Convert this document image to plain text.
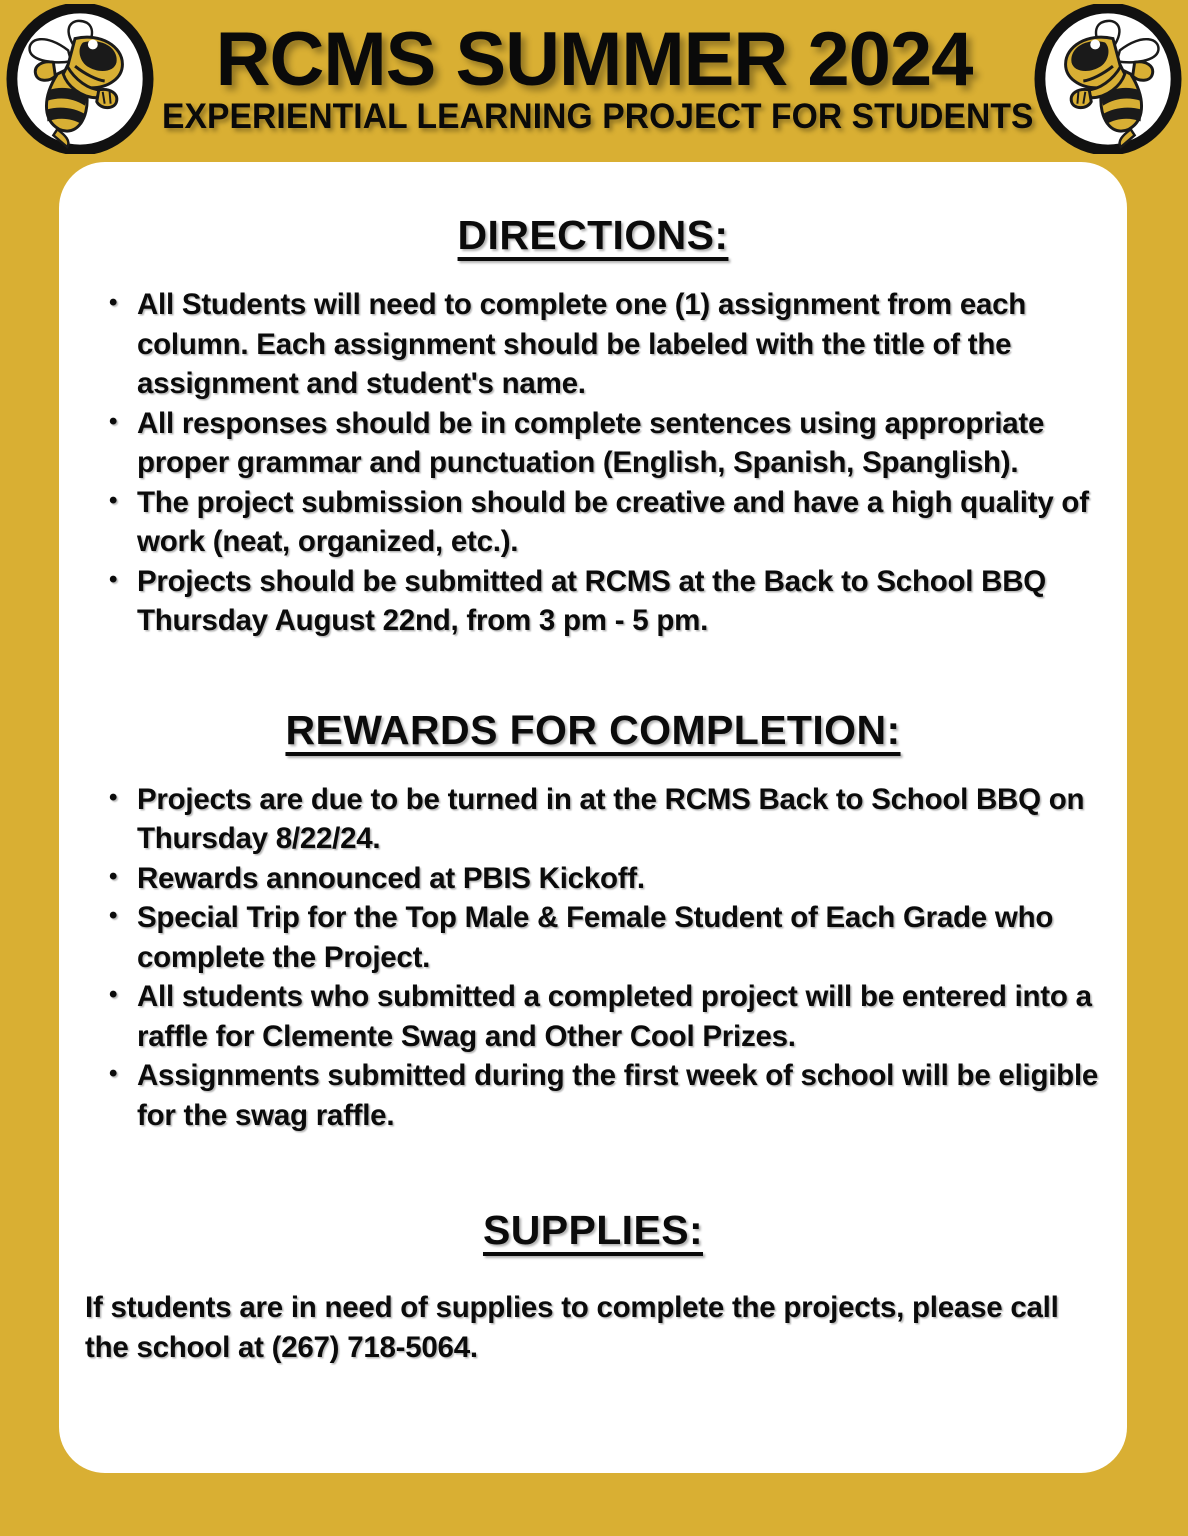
RCMS SUMMER 2024
EXPERIENTIAL LEARNING PROJECT FOR STUDENTS
DIRECTIONS:
• All Students will need to complete one (1) assignment from each column. Each assignment should be labeled with the title of the assignment and student's name.
• All responses should be in complete sentences using appropriate proper grammar and punctuation (English, Spanish, Spanglish).
• The project submission should be creative and have a high quality of work (neat, organized, etc.).
• Projects should be submitted at RCMS at the Back to School BBQ Thursday August 22nd, from 3 pm - 5 pm.
REWARDS FOR COMPLETION:
• Projects are due to be turned in at the RCMS Back to School BBQ on Thursday 8/22/24.
• Rewards announced at PBIS Kickoff.
• Special Trip for the Top Male & Female Student of Each Grade who complete the Project.
• All students who submitted a completed project will be entered into a raffle for Clemente Swag and Other Cool Prizes.
• Assignments submitted during the first week of school will be eligible for the swag raffle.
SUPPLIES:
If students are in need of supplies to complete the projects, please call the school at (267) 718-5064.
